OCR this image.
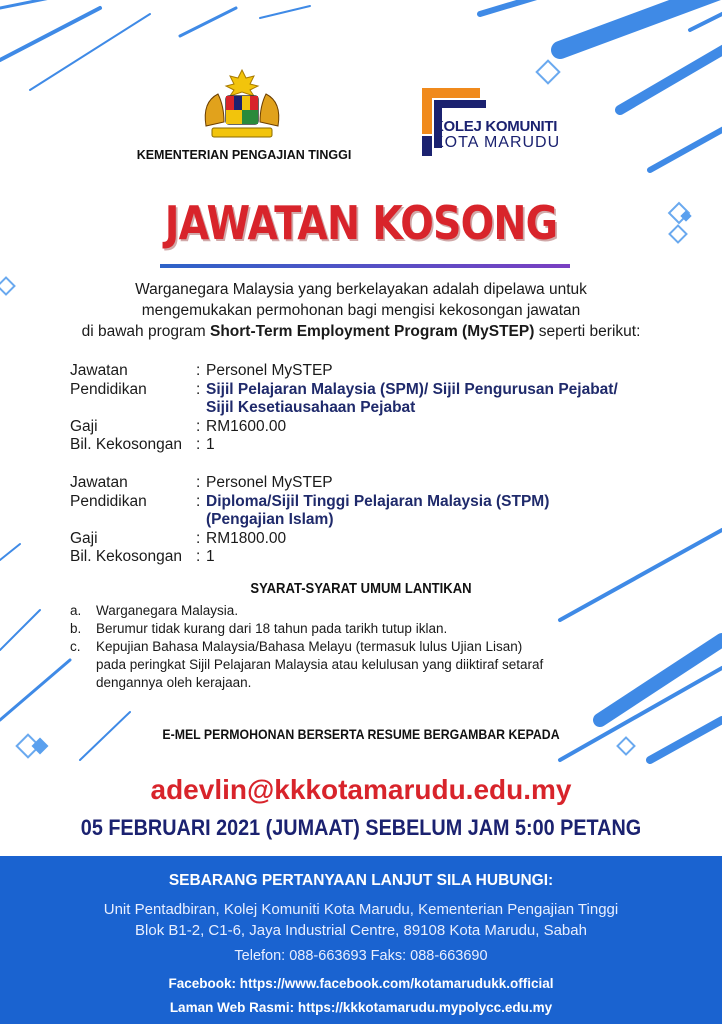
KEMENTERIAN PENGAJIAN TINGGI
KOLEJ KOMUNITI
KOTA MARUDU
JAWATAN KOSONG
Warganegara Malaysia yang berkelayakan adalah dipelawa untuk
mengemukakan permohonan bagi mengisi kekosongan jawatan
di bawah program Short-Term Employment Program (MySTEP) seperti berikut:
Jawatan	: Personel MySTEP
Pendidikan	: Sijil Pelajaran Malaysia (SPM)/ Sijil Pengurusan Pejabat/
Sijil Kesetiausahaan Pejabat
Gaji	: RM1600.00
Bil. Kekosongan : 1
Jawatan	: Personel MySTEP
Pendidikan	: Diploma/Sijil Tinggi Pelajaran Malaysia (STPM)
(Pengajian Islam)
Gaji	: RM1800.00
Bil. Kekosongan : 1
SYARAT-SYARAT UMUM LANTIKAN
a.	Warganegara Malaysia.
b.	Berumur tidak kurang dari 18 tahun pada tarikh tutup iklan.
c.	Kepujian Bahasa Malaysia/Bahasa Melayu (termasuk lulus Ujian Lisan)
pada peringkat Sijil Pelajaran Malaysia atau kelulusan yang diiktiraf setaraf
dengannya oleh kerajaan.
E-MEL PERMOHONAN BERSERTA RESUME BERGAMBAR KEPADA
adevlin@kkkotamarudu.edu.my
05 FEBRUARI 2021 (JUMAAT) SEBELUM JAM 5:00 PETANG
SEBARANG PERTANYAAN LANJUT SILA HUBUNGI:
Unit Pentadbiran, Kolej Komuniti Kota Marudu, Kementerian Pengajian Tinggi
Blok B1-2, C1-6, Jaya Industrial Centre, 89108 Kota Marudu, Sabah
Telefon: 088-663693 Faks: 088-663690
Facebook: https://www.facebook.com/kotamarudukk.official
Laman Web Rasmi: https://kkkotamarudu.mypolycc.edu.my
